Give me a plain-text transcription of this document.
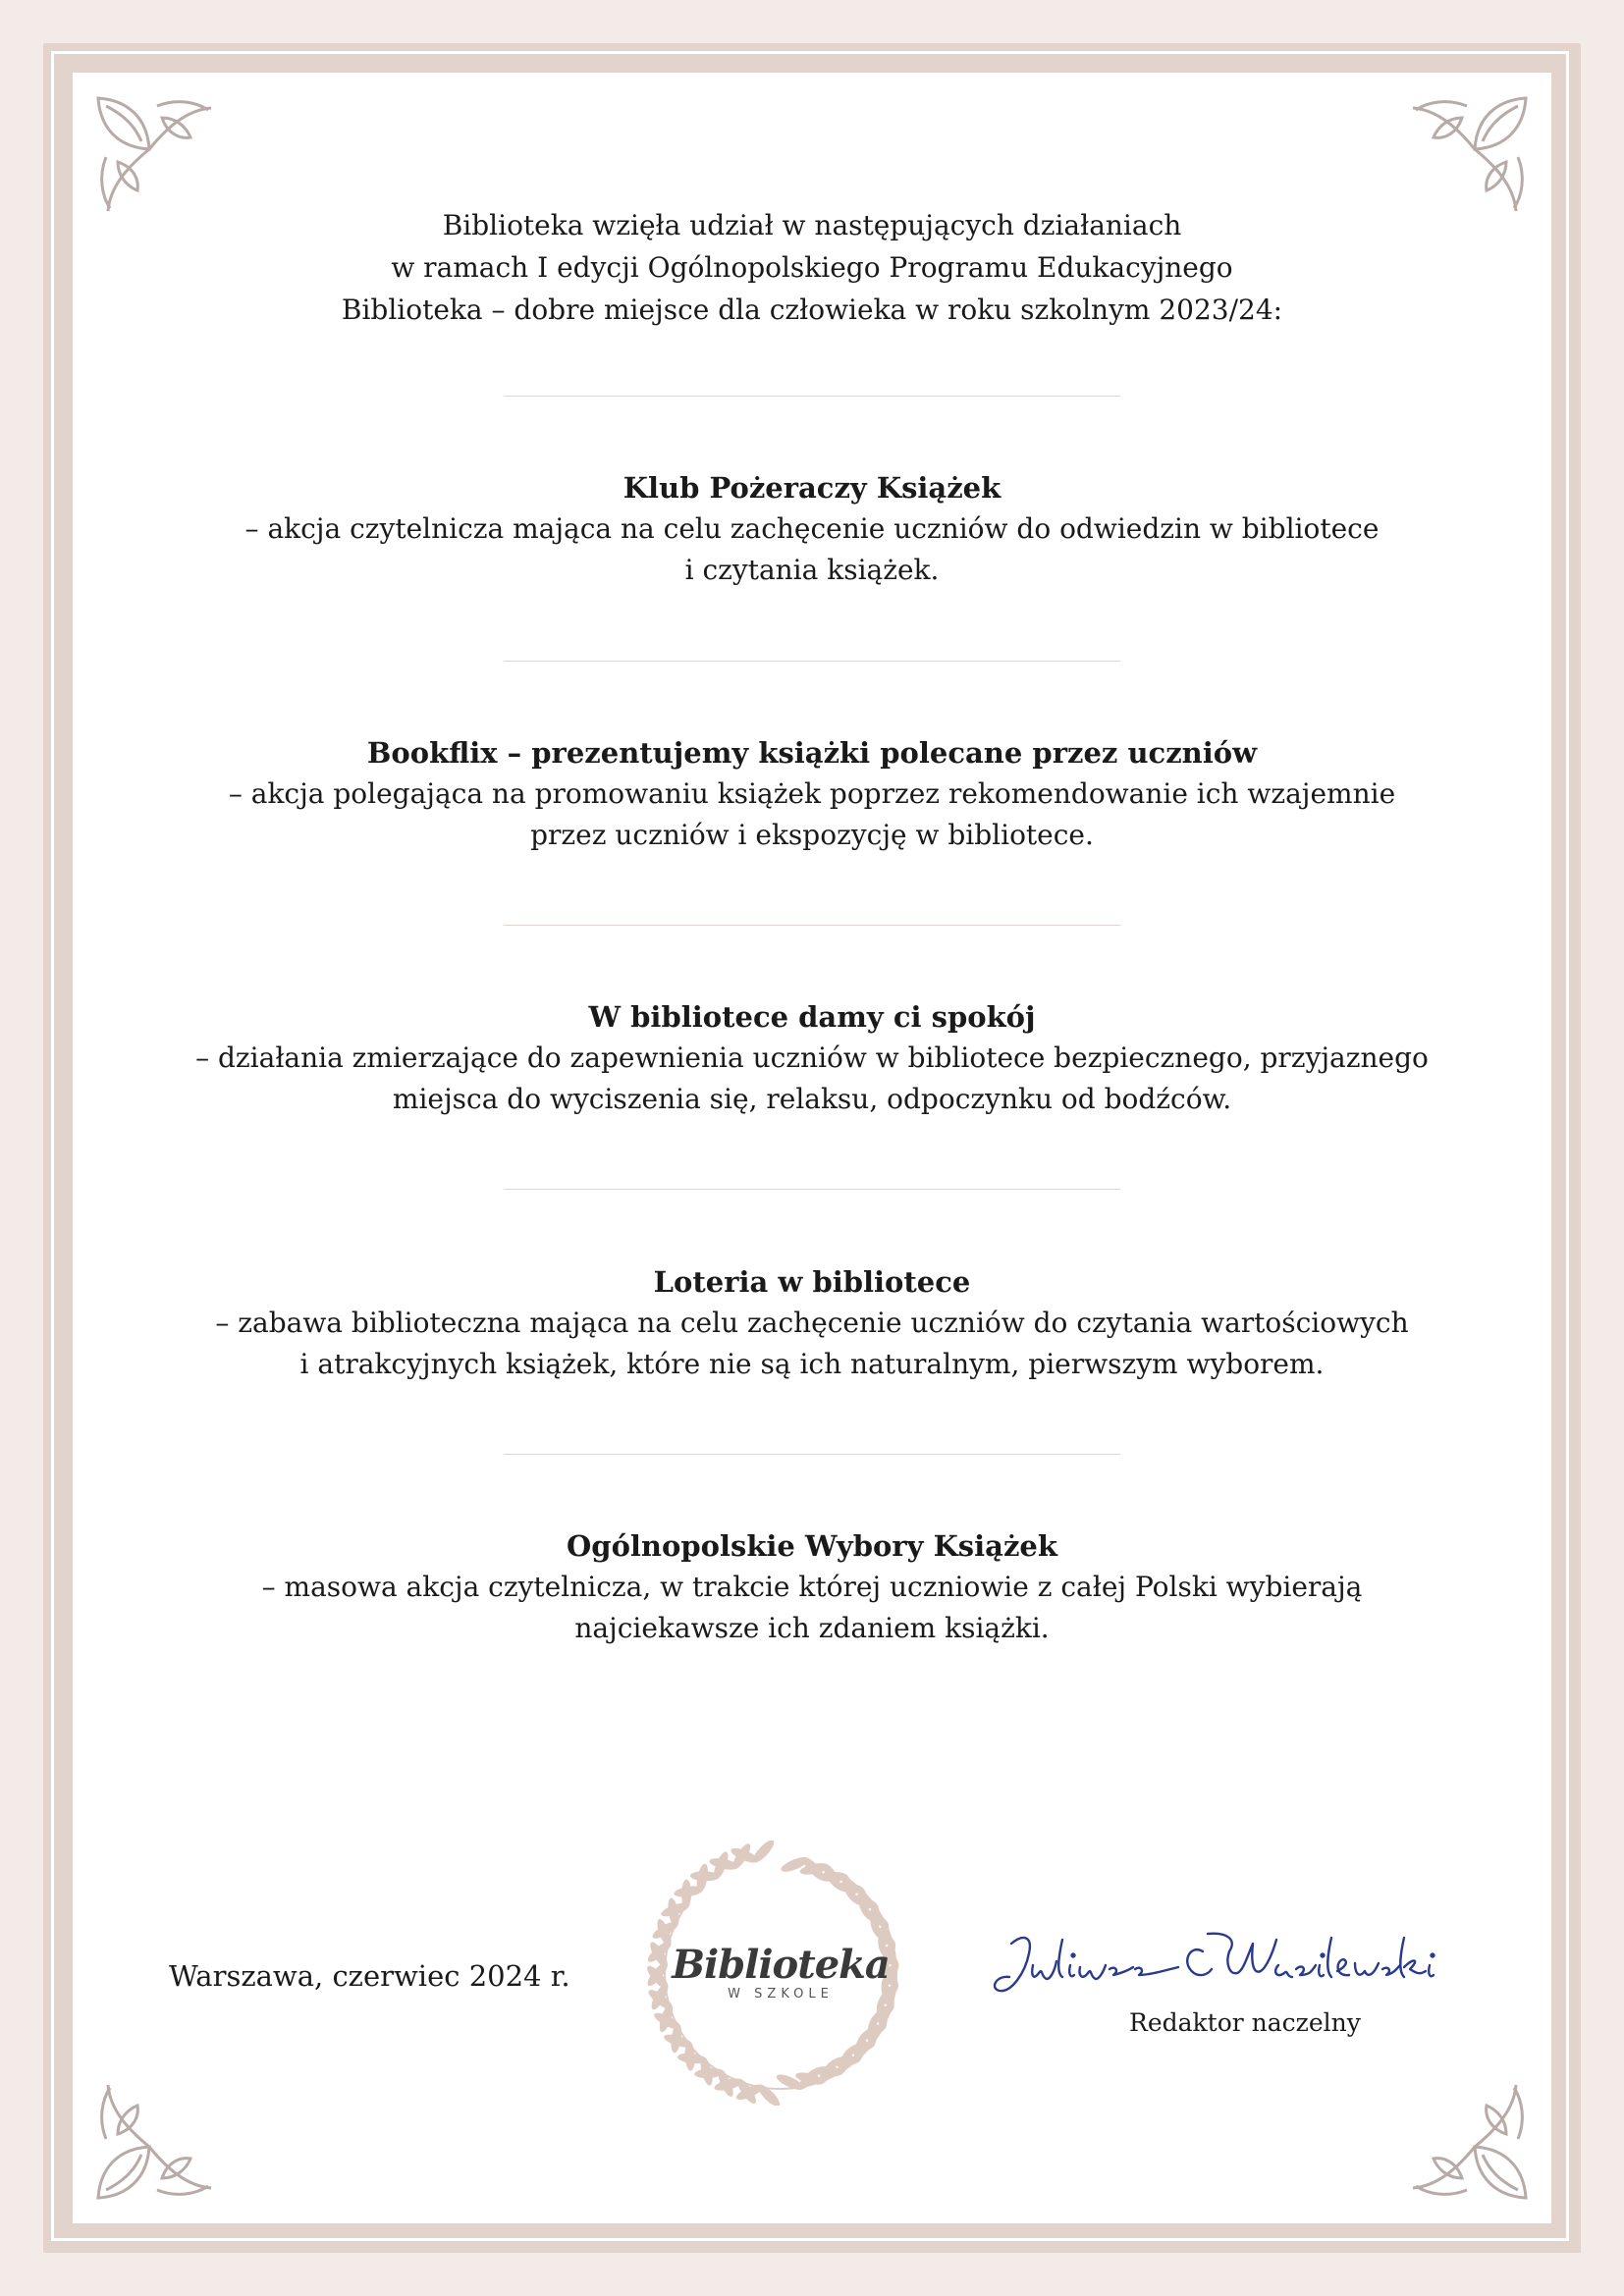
Biblioteka wzięła udział w następujących działaniach
w ramach I edycji Ogólnopolskiego Programu Edukacyjnego
Biblioteka – dobre miejsce dla człowieka w roku szkolnym 2023/24:
Klub Pożeraczy Książek
– akcja czytelnicza mająca na celu zachęcenie uczniów do odwiedzin w bibliotece
i czytania książek.
Bookflix – prezentujemy książki polecane przez uczniów
– akcja polegająca na promowaniu książek poprzez rekomendowanie ich wzajemnie
przez uczniów i ekspozycję w bibliotece.
W bibliotece damy ci spokój
– działania zmierzające do zapewnienia uczniów w bibliotece bezpiecznego, przyjaznego
miejsca do wyciszenia się, relaksu, odpoczynku od bodźców.
Loteria w bibliotece
– zabawa biblioteczna mająca na celu zachęcenie uczniów do czytania wartościowych
i atrakcyjnych książek, które nie są ich naturalnym, pierwszym wyborem.
Ogólnopolskie Wybory Książek
– masowa akcja czytelnicza, w trakcie której uczniowie z całej Polski wybierają
najciekawsze ich zdaniem książki.
Warszawa, czerwiec 2024 r.	Biblioteka
W SZKOLE
Redaktor naczelny
